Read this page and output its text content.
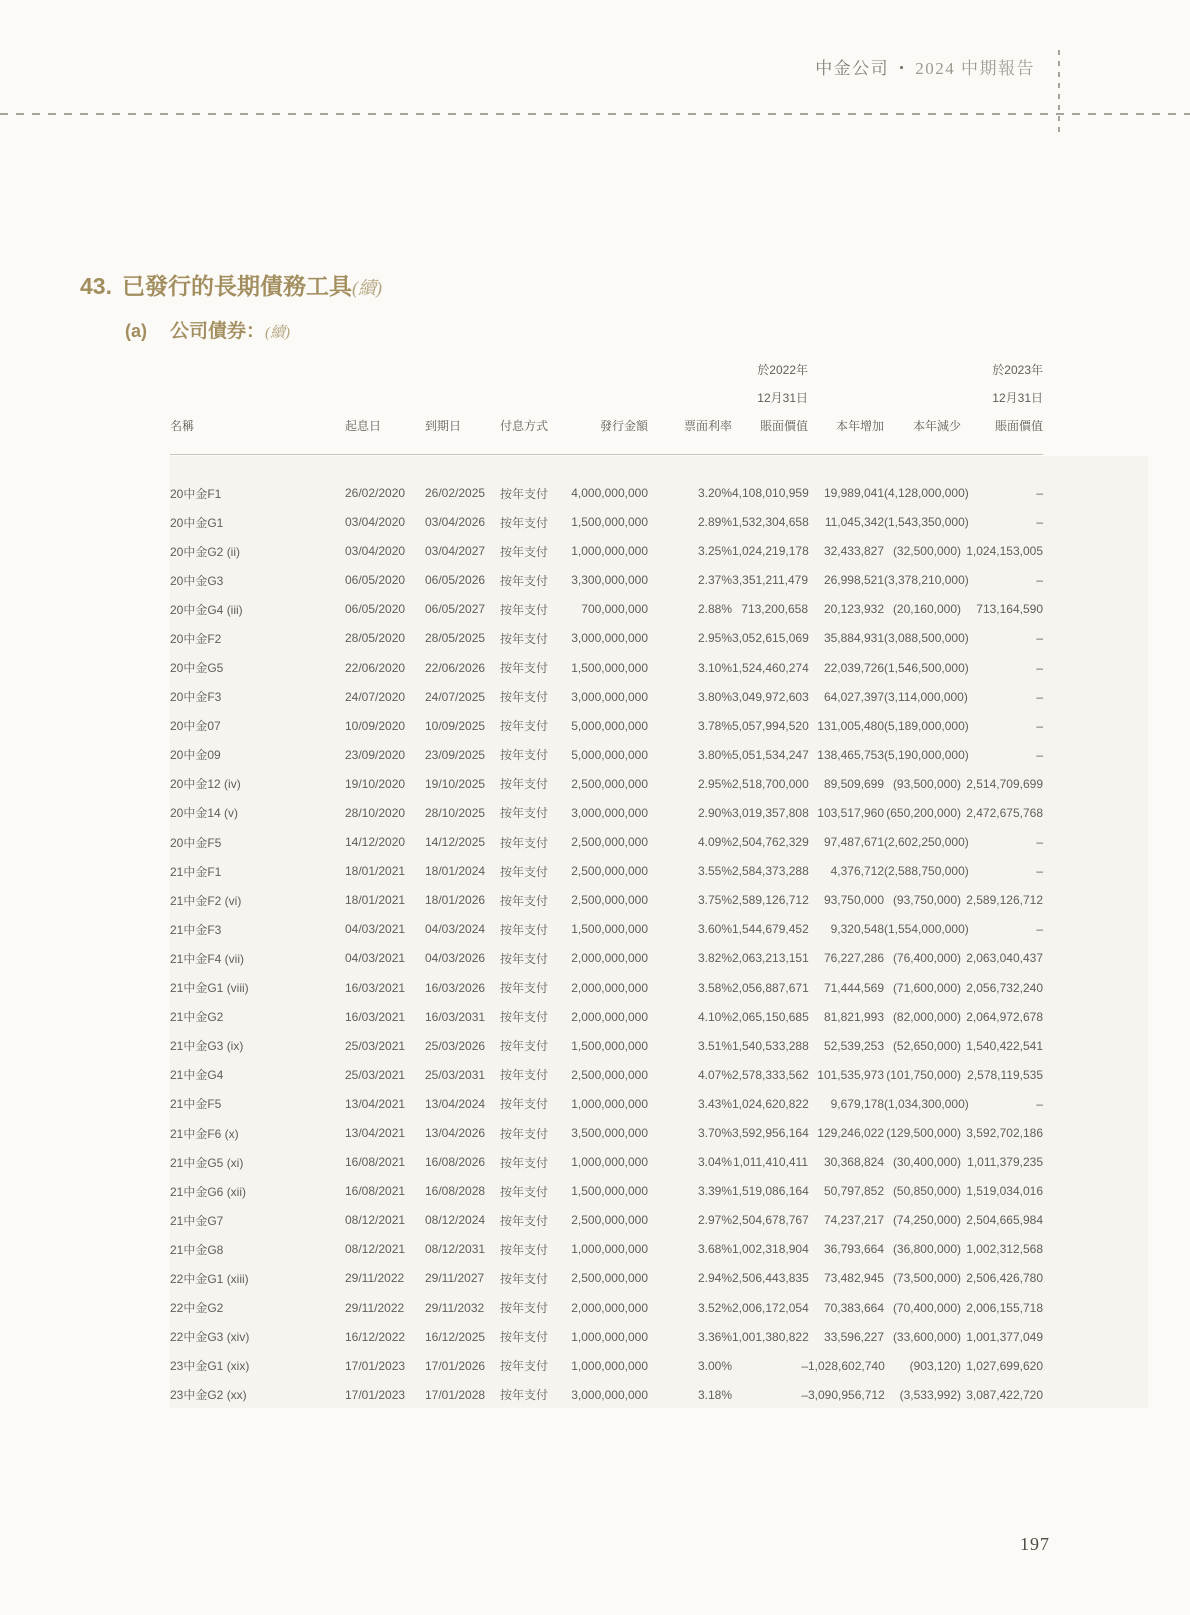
中金公司 • 2024 中期報告
43. 已發行的長期債務工具(續)
(a) 公司債券：(續)
名稱	起息日	到期日	付息方式	發行金額	票面利率

於2022年
12月31日
賬面價值	本年增加	本年減少

於2023年
12月31日
賬面價值

20中金F1	26/02/2020	26/02/2025	按年支付	4,000,000,000	3.20%	4,108,010,959	19,989,041	(4,128,000,000)	–
20中金G1	03/04/2020	03/04/2026	按年支付	1,500,000,000	2.89%	1,532,304,658	11,045,342	(1,543,350,000)	–
20中金G2 (ii)	03/04/2020	03/04/2027	按年支付	1,000,000,000	3.25%	1,024,219,178	32,433,827	(32,500,000)	1,024,153,005
20中金G3	06/05/2020	06/05/2026	按年支付	3,300,000,000	2.37%	3,351,211,479	26,998,521	(3,378,210,000)	–
20中金G4 (iii)	06/05/2020	06/05/2027	按年支付	700,000,000	2.88%	713,200,658	20,123,932	(20,160,000)	713,164,590
20中金F2	28/05/2020	28/05/2025	按年支付	3,000,000,000	2.95%	3,052,615,069	35,884,931	(3,088,500,000)	–
20中金G5	22/06/2020	22/06/2026	按年支付	1,500,000,000	3.10%	1,524,460,274	22,039,726	(1,546,500,000)	–
20中金F3	24/07/2020	24/07/2025	按年支付	3,000,000,000	3.80%	3,049,972,603	64,027,397	(3,114,000,000)	–
20中金07	10/09/2020	10/09/2025	按年支付	5,000,000,000	3.78%	5,057,994,520	131,005,480	(5,189,000,000)	–
20中金09	23/09/2020	23/09/2025	按年支付	5,000,000,000	3.80%	5,051,534,247	138,465,753	(5,190,000,000)	–
20中金12 (iv)	19/10/2020	19/10/2025	按年支付	2,500,000,000	2.95%	2,518,700,000	89,509,699	(93,500,000)	2,514,709,699
20中金14 (v)	28/10/2020	28/10/2025	按年支付	3,000,000,000	2.90%	3,019,357,808	103,517,960	(650,200,000)	2,472,675,768
20中金F5	14/12/2020	14/12/2025	按年支付	2,500,000,000	4.09%	2,504,762,329	97,487,671	(2,602,250,000)	–
21中金F1	18/01/2021	18/01/2024	按年支付	2,500,000,000	3.55%	2,584,373,288	4,376,712	(2,588,750,000)	–
21中金F2 (vi)	18/01/2021	18/01/2026	按年支付	2,500,000,000	3.75%	2,589,126,712	93,750,000	(93,750,000)	2,589,126,712
21中金F3	04/03/2021	04/03/2024	按年支付	1,500,000,000	3.60%	1,544,679,452	9,320,548	(1,554,000,000)	–
21中金F4 (vii)	04/03/2021	04/03/2026	按年支付	2,000,000,000	3.82%	2,063,213,151	76,227,286	(76,400,000)	2,063,040,437
21中金G1 (viii)	16/03/2021	16/03/2026	按年支付	2,000,000,000	3.58%	2,056,887,671	71,444,569	(71,600,000)	2,056,732,240
21中金G2	16/03/2021	16/03/2031	按年支付	2,000,000,000	4.10%	2,065,150,685	81,821,993	(82,000,000)	2,064,972,678
21中金G3 (ix)	25/03/2021	25/03/2026	按年支付	1,500,000,000	3.51%	1,540,533,288	52,539,253	(52,650,000)	1,540,422,541
21中金G4	25/03/2021	25/03/2031	按年支付	2,500,000,000	4.07%	2,578,333,562	101,535,973	(101,750,000)	2,578,119,535
21中金F5	13/04/2021	13/04/2024	按年支付	1,000,000,000	3.43%	1,024,620,822	9,679,178	(1,034,300,000)	–
21中金F6 (x)	13/04/2021	13/04/2026	按年支付	3,500,000,000	3.70%	3,592,956,164	129,246,022	(129,500,000)	3,592,702,186
21中金G5 (xi)	16/08/2021	16/08/2026	按年支付	1,000,000,000	3.04%	1,011,410,411	30,368,824	(30,400,000)	1,011,379,235
21中金G6 (xii)	16/08/2021	16/08/2028	按年支付	1,500,000,000	3.39%	1,519,086,164	50,797,852	(50,850,000)	1,519,034,016
21中金G7	08/12/2021	08/12/2024	按年支付	2,500,000,000	2.97%	2,504,678,767	74,237,217	(74,250,000)	2,504,665,984
21中金G8	08/12/2021	08/12/2031	按年支付	1,000,000,000	3.68%	1,002,318,904	36,793,664	(36,800,000)	1,002,312,568
22中金G1 (xiii)	29/11/2022	29/11/2027	按年支付	2,500,000,000	2.94%	2,506,443,835	73,482,945	(73,500,000)	2,506,426,780
22中金G2	29/11/2022	29/11/2032	按年支付	2,000,000,000	3.52%	2,006,172,054	70,383,664	(70,400,000)	2,006,155,718
22中金G3 (xiv)	16/12/2022	16/12/2025	按年支付	1,000,000,000	3.36%	1,001,380,822	33,596,227	(33,600,000)	1,001,377,049
23中金G1 (xix)	17/01/2023	17/01/2026	按年支付	1,000,000,000	3.00%	–	1,028,602,740	(903,120)	1,027,699,620
23中金G2 (xx)	17/01/2023	17/01/2028	按年支付	3,000,000,000	3.18%	–	3,090,956,712	(3,533,992)	3,087,422,720
197
